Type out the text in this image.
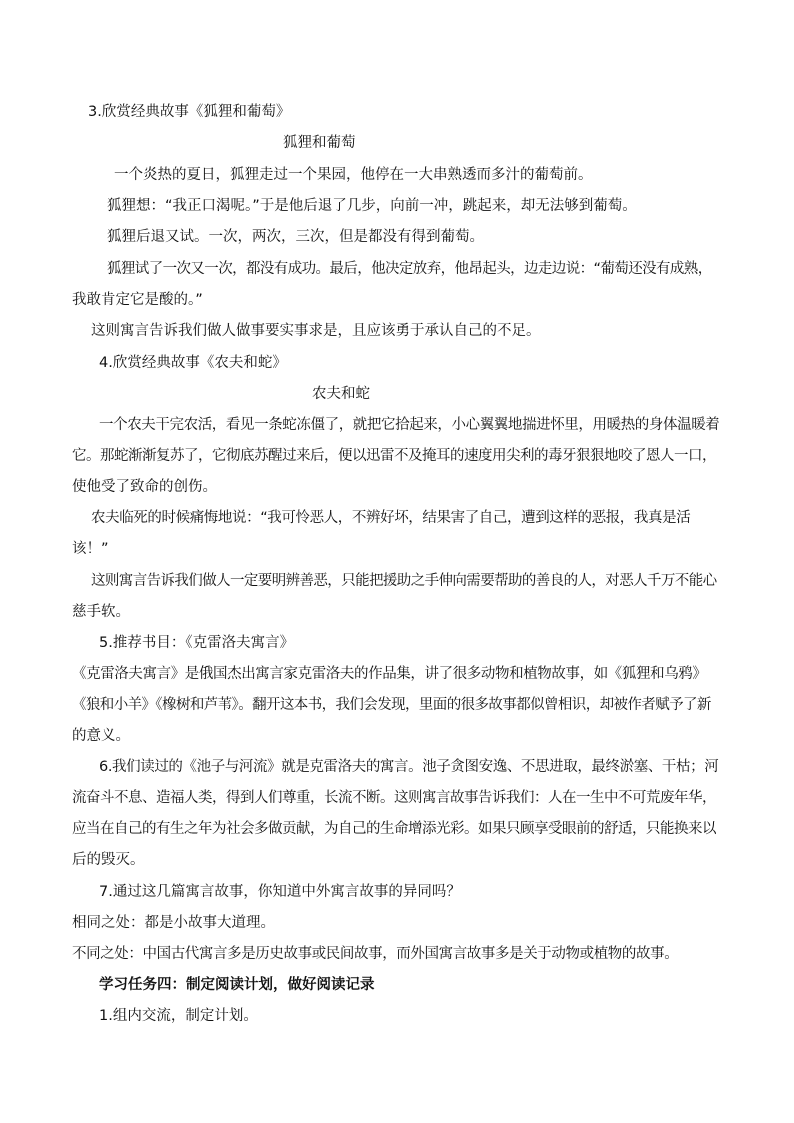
3.欣赏经典故事《狐狸和葡萄》
狐狸和葡萄
一个炎热的夏日，狐狸走过一个果园，他停在一大串熟透而多汁的葡萄前。
狐狸想：“我正口渴呢。”于是他后退了几步，向前一冲，跳起来，却无法够到葡萄。
狐狸后退又试。一次，两次，三次，但是都没有得到葡萄。
狐狸试了一次又一次，都没有成功。最后，他决定放弃，他昂起头，边走边说：“葡萄还没有成熟，
我敢肯定它是酸的。”
这则寓言告诉我们做人做事要实事求是，且应该勇于承认自己的不足。
4.欣赏经典故事《农夫和蛇》
农夫和蛇
一个农夫干完农活，看见一条蛇冻僵了，就把它拾起来，小心翼翼地揣进怀里，用暖热的身体温暖着
它。那蛇渐渐复苏了，它彻底苏醒过来后，便以迅雷不及掩耳的速度用尖利的毒牙狠狠地咬了恩人一口，
使他受了致命的创伤。
农夫临死的时候痛悔地说：“我可怜恶人，不辨好坏，结果害了自己，遭到这样的恶报，我真是活
该！”
这则寓言告诉我们做人一定要明辨善恶，只能把援助之手伸向需要帮助的善良的人，对恶人千万不能心
慈手软。
5.推荐书目：《克雷洛夫寓言》
《克雷洛夫寓言》是俄国杰出寓言家克雷洛夫的作品集，讲了很多动物和植物故事，如《狐狸和乌鸦》
《狼和小羊》《橡树和芦苇》。翻开这本书，我们会发现，里面的很多故事都似曾相识，却被作者赋予了新
的意义。
6.我们读过的《池子与河流》就是克雷洛夫的寓言。池子贪图安逸、不思进取，最终淤塞、干枯；河
流奋斗不息、造福人类，得到人们尊重，长流不断。这则寓言故事告诉我们：人在一生中不可荒废年华，
应当在自己的有生之年为社会多做贡献，为自己的生命增添光彩。如果只顾享受眼前的舒适，只能换来以
后的毁灭。
7.通过这几篇寓言故事，你知道中外寓言故事的异同吗？
相同之处：都是小故事大道理。
不同之处：中国古代寓言多是历史故事或民间故事，而外国寓言故事多是关于动物或植物的故事。
学习任务四：制定阅读计划，做好阅读记录
1.组内交流，制定计划。
